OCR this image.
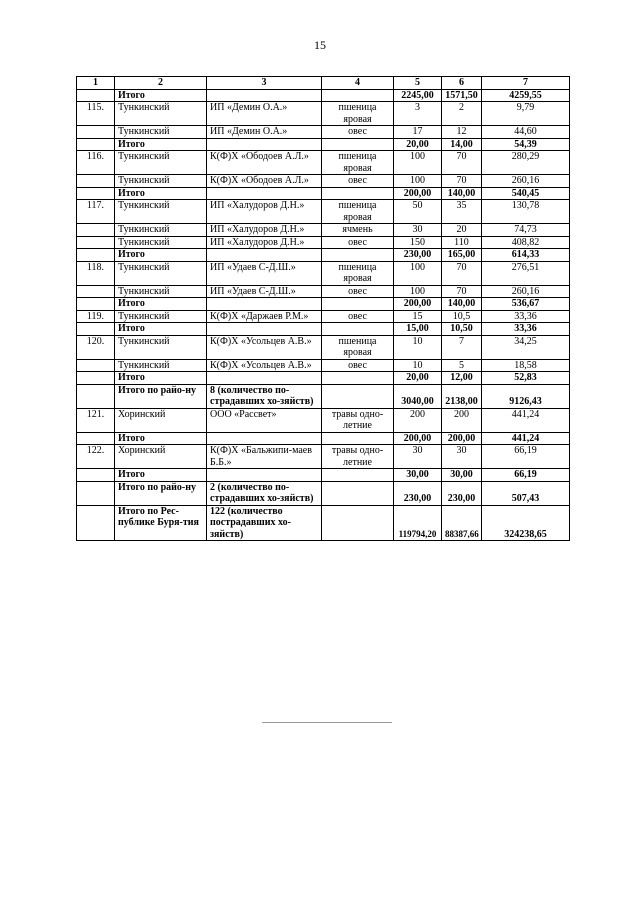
15
1	2	3	4	5	6	7
	Итого			2245,00	1571,50	4259,55
115.	Тункинский	ИП «Демин О.А.»	пшеница яровая	3	2	9,79
	Тункинский	ИП «Демин О.А.»	овес	17	12	44,60
	Итого			20,00	14,00	54,39
116.	Тункинский	К(Ф)Х «Ободоев А.Л.»	пшеница яровая	100	70	280,29
	Тункинский	К(Ф)Х «Ободоев А.Л.»	овес	100	70	260,16
	Итого			200,00	140,00	540,45
117.	Тункинский	ИП «Халудоров Д.Н.»	пшеница яровая	50	35	130,78
	Тункинский	ИП «Халудоров Д.Н.»	ячмень	30	20	74,73
	Тункинский	ИП «Халудоров Д.Н.»	овес	150	110	408,82
	Итого			230,00	165,00	614,33
118.	Тункинский	ИП «Удаев С-Д.Ш.»	пшеница яровая	100	70	276,51
	Тункинский	ИП «Удаев С-Д.Ш.»	овес	100	70	260,16
	Итого			200,00	140,00	536,67
119.	Тункинский	К(Ф)Х «Даржаев Р.М.»	овес	15	10,5	33,36
	Итого			15,00	10,50	33,36
120.	Тункинский	К(Ф)Х «Усольцев А.В.»	пшеница яровая	10	7	34,25
	Тункинский	К(Ф)Х «Усольцев А.В.»	овес	10	5	18,58
	Итого			20,00	12,00	52,83
	Итого по райо-ну	8 (количество по-страдавших хо-зяйств)		3040,00	2138,00	9126,43
121.	Хоринский	ООО «Рассвет»	травы одно-летние	200	200	441,24
	Итого			200,00	200,00	441,24
122.	Хоринский	К(Ф)Х «Бальжипи-маев Б.Б.»	травы одно-летние	30	30	66,19
	Итого			30,00	30,00	66,19
	Итого по райо-ну	2 (количество по-страдавших хо-зяйств)		230,00	230,00	507,43
	Итого по Рес-публике Буря-тия	122 (количество пострадавших хо-зяйств)		119794,20	88387,66	324238,65
